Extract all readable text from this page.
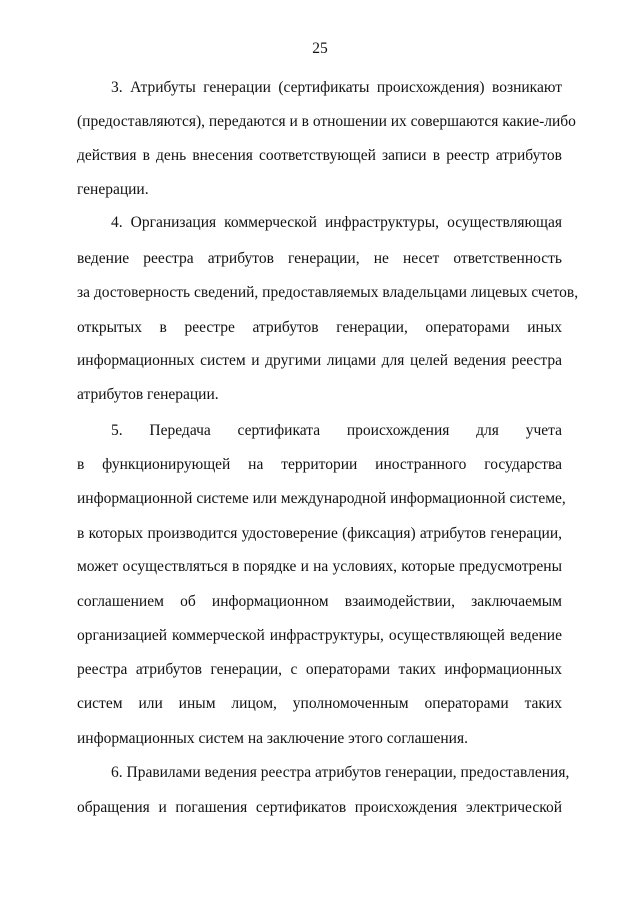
25
3. Атрибуты генерации (сертификаты происхождения) возникают
(предоставляются), передаются и в отношении их совершаются какие-либо
действия в день внесения соответствующей записи в реестр атрибутов
генерации.
4. Организация коммерческой инфраструктуры, осуществляющая
ведение реестра атрибутов генерации, не несет ответственность
за достоверность сведений, предоставляемых владельцами лицевых счетов,
открытых в реестре атрибутов генерации, операторами иных
информационных систем и другими лицами для целей ведения реестра
атрибутов генерации.
5. Передача сертификата происхождения для учета
в функционирующей на территории иностранного государства
информационной системе или международной информационной системе,
в которых производится удостоверение (фиксация) атрибутов генерации,
может осуществляться в порядке и на условиях, которые предусмотрены
соглашением об информационном взаимодействии, заключаемым
организацией коммерческой инфраструктуры, осуществляющей ведение
реестра атрибутов генерации, с операторами таких информационных
систем или иным лицом, уполномоченным операторами таких
информационных систем на заключение этого соглашения.
6. Правилами ведения реестра атрибутов генерации, предоставления,
обращения и погашения сертификатов происхождения электрической
